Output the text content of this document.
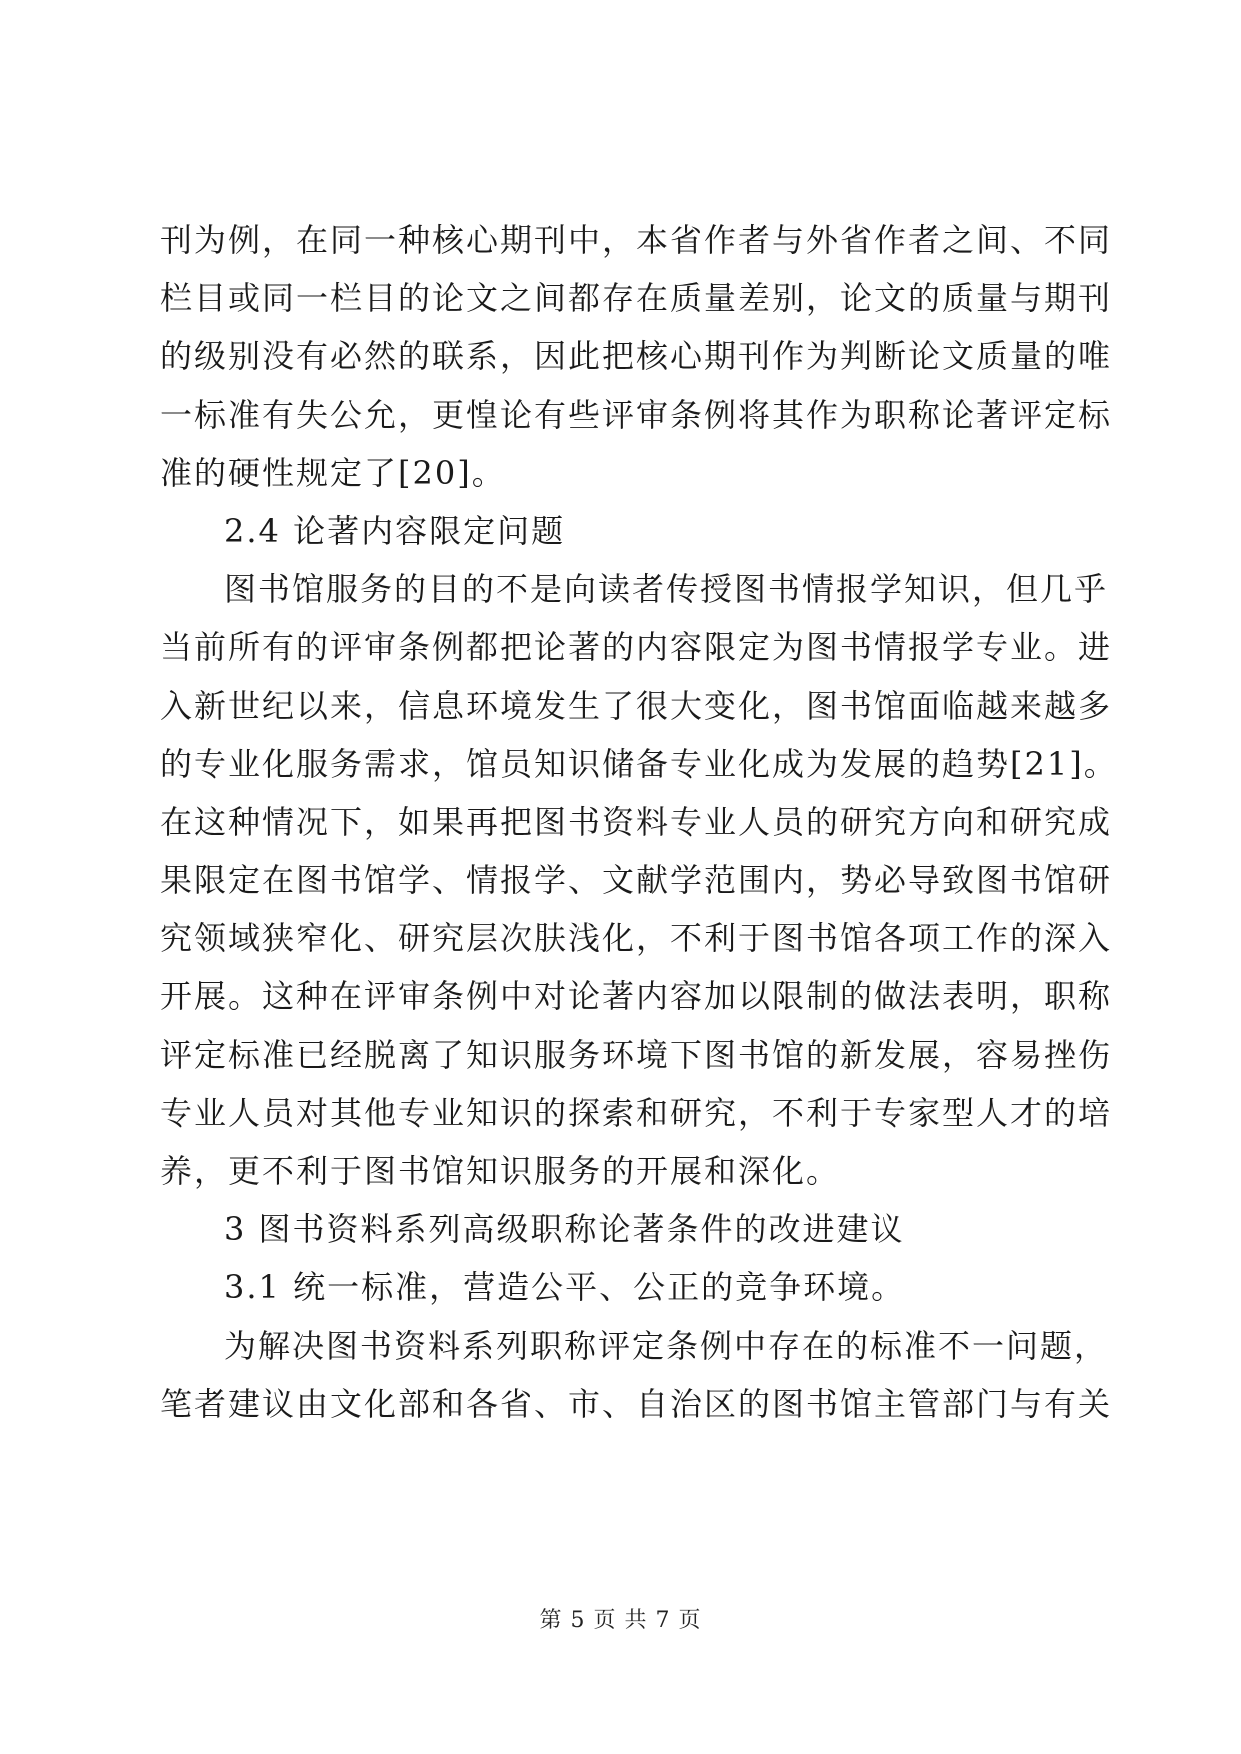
刊为例，在同一种核心期刊中，本省作者与外省作者之间、不同
栏目或同一栏目的论文之间都存在质量差别，论文的质量与期刊
的级别没有必然的联系，因此把核心期刊作为判断论文质量的唯
一标准有失公允，更惶论有些评审条例将其作为职称论著评定标
准的硬性规定了[20]。
2.4 论著内容限定问题
图书馆服务的目的不是向读者传授图书情报学知识，但几乎
当前所有的评审条例都把论著的内容限定为图书情报学专业。进
入新世纪以来，信息环境发生了很大变化，图书馆面临越来越多
的专业化服务需求，馆员知识储备专业化成为发展的趋势[21]。
在这种情况下，如果再把图书资料专业人员的研究方向和研究成
果限定在图书馆学、情报学、文献学范围内，势必导致图书馆研
究领域狭窄化、研究层次肤浅化，不利于图书馆各项工作的深入
开展。这种在评审条例中对论著内容加以限制的做法表明，职称
评定标准已经脱离了知识服务环境下图书馆的新发展，容易挫伤
专业人员对其他专业知识的探索和研究，不利于专家型人才的培
养，更不利于图书馆知识服务的开展和深化。
3 图书资料系列高级职称论著条件的改进建议
3.1 统一标准，营造公平、公正的竞争环境。
为解决图书资料系列职称评定条例中存在的标准不一问题，
笔者建议由文化部和各省、市、自治区的图书馆主管部门与有关
第 5 页 共 7 页
